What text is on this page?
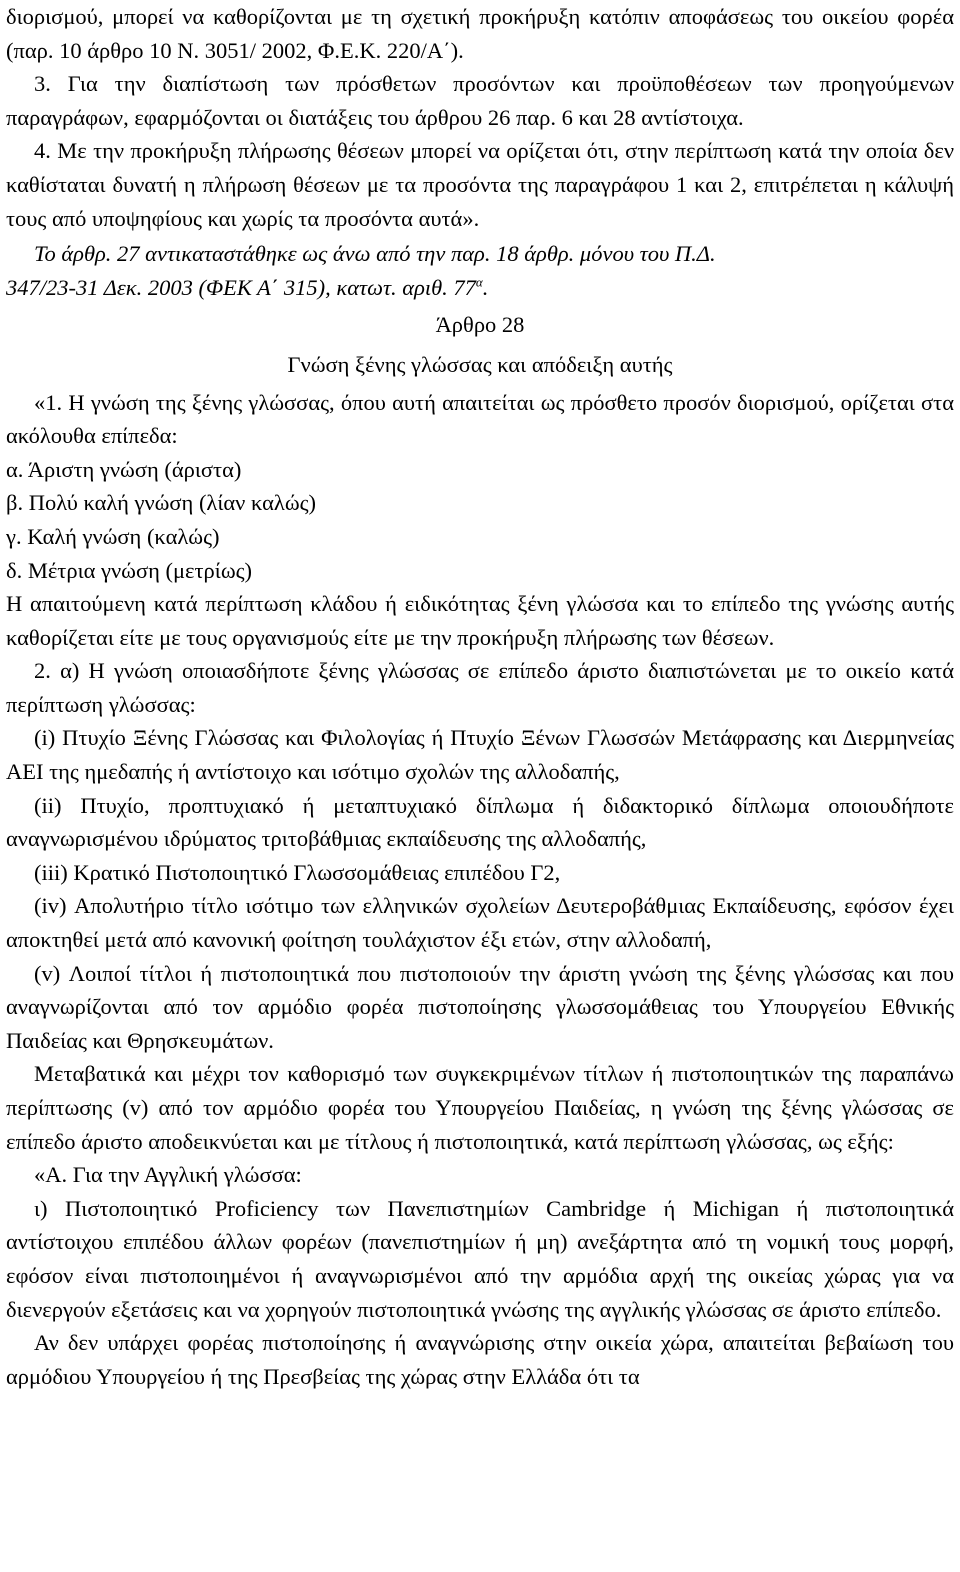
διορισμού, μπορεί να καθορίζονται με τη σχετική προκήρυξη κατόπιν αποφάσεως του οικείου φορέα (παρ. 10 άρθρο 10 Ν. 3051/ 2002, Φ.Ε.Κ. 220/Α΄).

3. Για την διαπίστωση των πρόσθετων προσόντων και προϋποθέσεων των προηγούμενων παραγράφων, εφαρμόζονται οι διατάξεις του άρθρου 26 παρ. 6 και 28 αντίστοιχα.

4. Με την προκήρυξη πλήρωσης θέσεων μπορεί να ορίζεται ότι, στην περίπτωση κατά την οποία δεν καθίσταται δυνατή η πλήρωση θέσεων με τα προσόντα της παραγράφου 1 και 2, επιτρέπεται η κάλυψή τους από υποψηφίους και χωρίς τα προσόντα αυτά».

Το άρθρ. 27 αντικαταστάθηκε ως άνω από την παρ. 18 άρθρ. μόνου του Π.Δ.
347/23-31 Δεκ. 2003 (ΦΕΚ Α΄ 315), κατωτ. αριθ. $77^\alpha$.

Άρθρο 28

Γνώση ξένης γλώσσας και απόδειξη αυτής

«1. Η γνώση της ξένης γλώσσας, όπου αυτή απαιτείται ως πρόσθετο προσόν διορισμού, ορίζεται στα ακόλουθα επίπεδα:

α. Άριστη γνώση (άριστα)

β. Πολύ καλή γνώση (λίαν καλώς)

γ. Καλή γνώση (καλώς)

δ. Μέτρια γνώση (μετρίως)

Η απαιτούμενη κατά περίπτωση κλάδου ή ειδικότητας ξένη γλώσσα και το επίπεδο της γνώσης αυτής καθορίζεται είτε με τους οργανισμούς είτε με την προκήρυξη πλήρωσης των θέσεων.

2. α) Η γνώση οποιασδήποτε ξένης γλώσσας σε επίπεδο άριστο διαπιστώνεται με το οικείο κατά περίπτωση γλώσσας:

(i) Πτυχίο Ξένης Γλώσσας και Φιλολογίας ή Πτυχίο Ξένων Γλωσσών Μετάφρασης και Διερμηνείας ΑΕΙ της ημεδαπής ή αντίστοιχο και ισότιμο σχολών της αλλοδαπής,

(ii) Πτυχίο, προπτυχιακό ή μεταπτυχιακό δίπλωμα ή διδακτορικό δίπλωμα οποιουδήποτε αναγνωρισμένου ιδρύματος τριτοβάθμιας εκπαίδευσης της αλλοδαπής,

(iii) Κρατικό Πιστοποιητικό Γλωσσομάθειας επιπέδου Γ2,

(iv) Απολυτήριο τίτλο ισότιμο των ελληνικών σχολείων Δευτεροβάθμιας Εκπαίδευσης, εφόσον έχει αποκτηθεί μετά από κανονική φοίτηση τουλάχιστον έξι ετών, στην αλλοδαπή,

(v) Λοιποί τίτλοι ή πιστοποιητικά που πιστοποιούν την άριστη γνώση της ξένης γλώσσας και που αναγνωρίζονται από τον αρμόδιο φορέα πιστοποίησης γλωσσομάθειας του Υπουργείου Εθνικής Παιδείας και Θρησκευμάτων.

Μεταβατικά και μέχρι τον καθορισμό των συγκεκριμένων τίτλων ή πιστοποιητικών της παραπάνω περίπτωσης (v) από τον αρμόδιο φορέα του Υπουργείου Παιδείας, η γνώση της ξένης γλώσσας σε επίπεδο άριστο αποδεικνύεται και με τίτλους ή πιστοποιητικά, κατά περίπτωση γλώσσας, ως εξής:

«Α. Για την Αγγλική γλώσσα:

ι) Πιστοποιητικό Proficiency των Πανεπιστημίων Cambridge ή Michigan ή πιστοποιητικά αντίστοιχου επιπέδου άλλων φορέων (πανεπιστημίων ή μη) ανεξάρτητα από τη νομική τους μορφή, εφόσον είναι πιστοποιημένοι ή αναγνωρισμένοι από την αρμόδια αρχή της οικείας χώρας για να διενεργούν εξετάσεις και να χορηγούν πιστοποιητικά γνώσης της αγγλικής γλώσσας σε άριστο επίπεδο.

Αν δεν υπάρχει φορέας πιστοποίησης ή αναγνώρισης στην οικεία χώρα, απαιτείται βεβαίωση του αρμόδιου Υπουργείου ή της Πρεσβείας της χώρας στην Ελλάδα ότι τα
